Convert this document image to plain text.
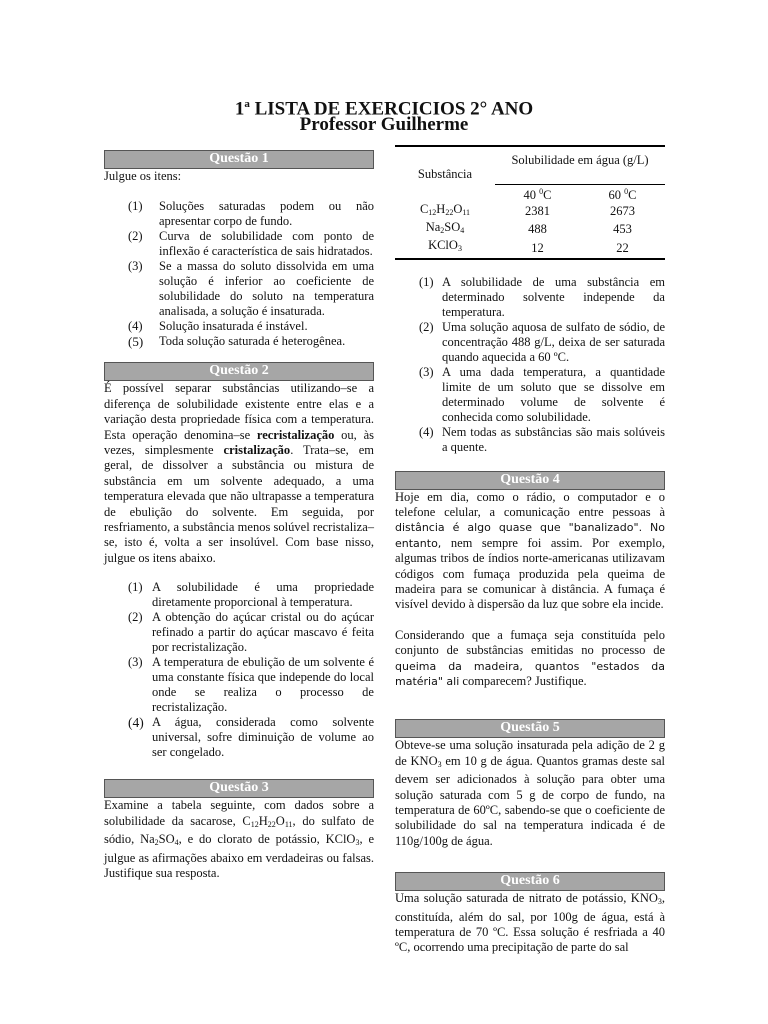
1$^a$ LISTA DE EXERCICIOS 2° ANO
Professor Guilherme
Questão 1
Julgue os itens:
(1)	Soluções saturadas podem ou não apresentar corpo de fundo.
(2)	Curva de solubilidade com ponto de inflexão é característica de sais hidratados.
(3)	Se a massa do soluto dissolvida em uma solução é inferior ao coeficiente de solubilidade do soluto na temperatura analisada, a solução é insaturada.
(4)	Solução insaturada é instável.
(5)	Toda solução saturada é heterogênea.
Questão 2
É possível separar substâncias utilizando–se a diferença de solubilidade existente entre elas e a variação desta propriedade física com a temperatura. Esta operação denomina–se recristalização ou, às vezes, simplesmente cristalização. Trata–se, em geral, de dissolver a substância ou mistura de substância em um solvente adequado, a uma temperatura elevada que não ultrapasse a temperatura de ebulição do solvente. Em seguida, por resfriamento, a substância menos solúvel recristaliza–se, isto é, volta a ser insolúvel. Com base nisso, julgue os itens abaixo.
(1) A solubilidade é uma propriedade diretamente proporcional à temperatura.
(2) A obtenção do açúcar cristal ou do açúcar refinado a partir do açúcar mascavo é feita por recristalização.
(3) A temperatura de ebulição de um solvente é uma constante física que independe do local onde se realiza o processo de recristalização.
(4) A água, considerada como solvente universal, sofre diminuição de volume ao ser congelado.
Questão 3
Examine a tabela seguinte, com dados sobre a solubilidade da sacarose, $C_{12}H_{22}O_{11}$, do sulfato de sódio, $Na_2SO_4$, e do clorato de potássio, KClO$_3$, e julgue as afirmações abaixo em verdadeiras ou falsas. Justifique sua resposta.
	Solubilidade em água (g/L)	
Substância		
	40 $^0$C	60 $^0$C
$C_{12}H_{22}O_{11}$	2381	2673
$Na_2SO_4$	488	453
KClO$_3$	12	22
(1) A solubilidade de uma substância em determinado solvente independe da temperatura.
(2) Uma solução aquosa de sulfato de sódio, de concentração 488 g/L, deixa de ser saturada quando aquecida a 60 ºC.
(3) A uma dada temperatura, a quantidade limite de um soluto que se dissolve em determinado volume de solvente é conhecida como solubilidade.
(4) Nem todas as substâncias são mais solúveis a quente.
Questão 4
Hoje em dia, como o rádio, o computador e o telefone celular, a comunicação entre pessoas à distância é algo quase que "banalizado". No entanto, nem sempre foi assim. Por exemplo, algumas tribos de índios norte-americanas utilizavam códigos com fumaça produzida pela queima de madeira para se comunicar à distância. A fumaça é visível devido à dispersão da luz que sobre ela incide.
Considerando que a fumaça seja constituída pelo conjunto de substâncias emitidas no processo de queima da madeira, quantos "estados da matéria" ali comparecem? Justifique.
Questão 5
Obteve-se uma solução insaturada pela adição de 2 g de $KNO_3$ em 10 g de água. Quantos gramas deste sal devem ser adicionados à solução para obter uma solução saturada com 5 g de corpo de fundo, na temperatura de 60ºC, sabendo-se que o coeficiente de solubilidade do sal na temperatura indicada é de 110g/100g de água.
Questão 6
Uma solução saturada de nitrato de potássio, $KNO_3$, constituída, além do sal, por 100g de água, está à temperatura de 70 ºC. Essa solução é resfriada a 40 ºC, ocorrendo uma precipitação de parte do sal
